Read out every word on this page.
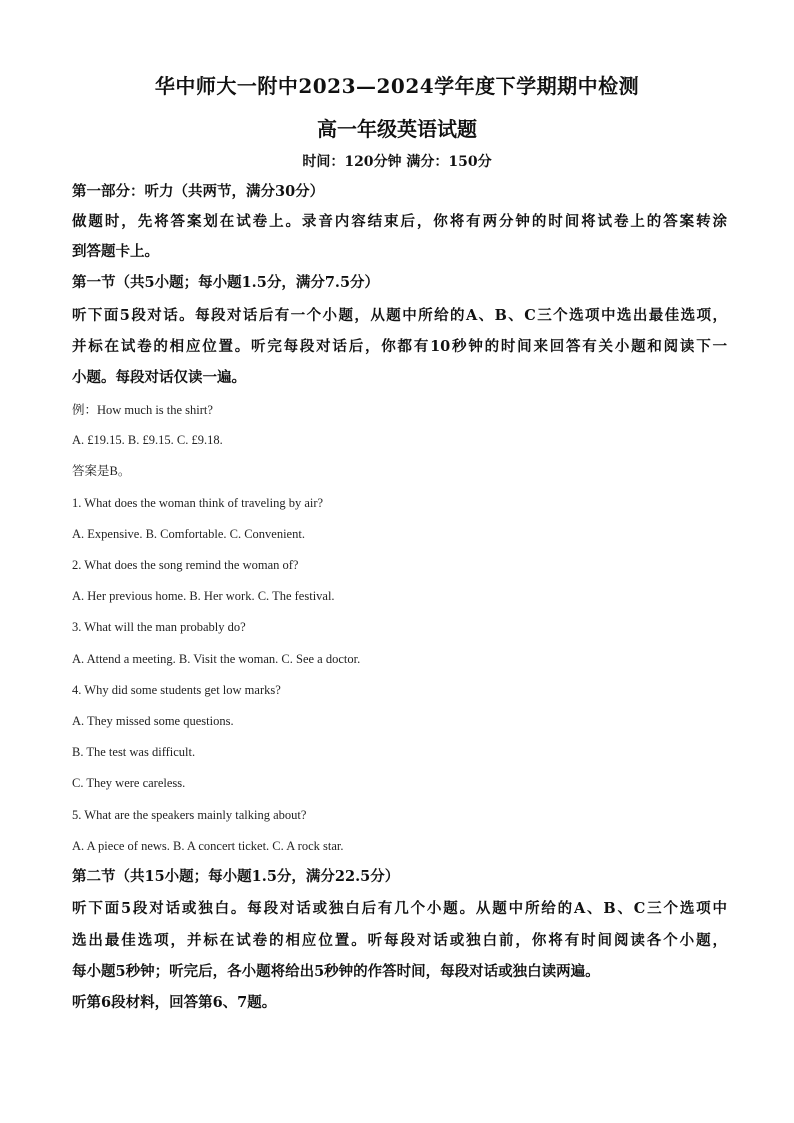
华中师大一附中2023—2024学年度下学期期中检测
高一年级英语试题
时间：120分钟 满分：150分
第一部分：听力（共两节，满分30分）
做题时，先将答案划在试卷上。录音内容结束后，你将有两分钟的时间将试卷上的答案转涂
到答题卡上。
第一节（共5小题；每小题1.5分，满分7.5分）
听下面5段对话。每段对话后有一个小题，从题中所给的A、B、C三个选项中选出最佳选项，
并标在试卷的相应位置。听完每段对话后，你都有10秒钟的时间来回答有关小题和阅读下一
小题。每段对话仅读一遍。
例：How much is the shirt?
A. £19.15. B. £9.15. C. £9.18.
答案是B。
1. What does the woman think of traveling by air?
A. Expensive. B. Comfortable. C. Convenient.
2. What does the song remind the woman of?
A. Her previous home. B. Her work. C. The festival.
3. What will the man probably do?
A. Attend a meeting. B. Visit the woman. C. See a doctor.
4. Why did some students get low marks?
A. They missed some questions.
B. The test was difficult.
C. They were careless.
5. What are the speakers mainly talking about?
A. A piece of news. B. A concert ticket. C. A rock star.
第二节（共15小题；每小题1.5分，满分22.5分）
听下面5段对话或独白。每段对话或独白后有几个小题。从题中所给的A、B、C三个选项中
选出最佳选项，并标在试卷的相应位置。听每段对话或独白前，你将有时间阅读各个小题，
每小题5秒钟；听完后，各小题将给出5秒钟的作答时间，每段对话或独白读两遍。
听第6段材料，回答第6、7题。
